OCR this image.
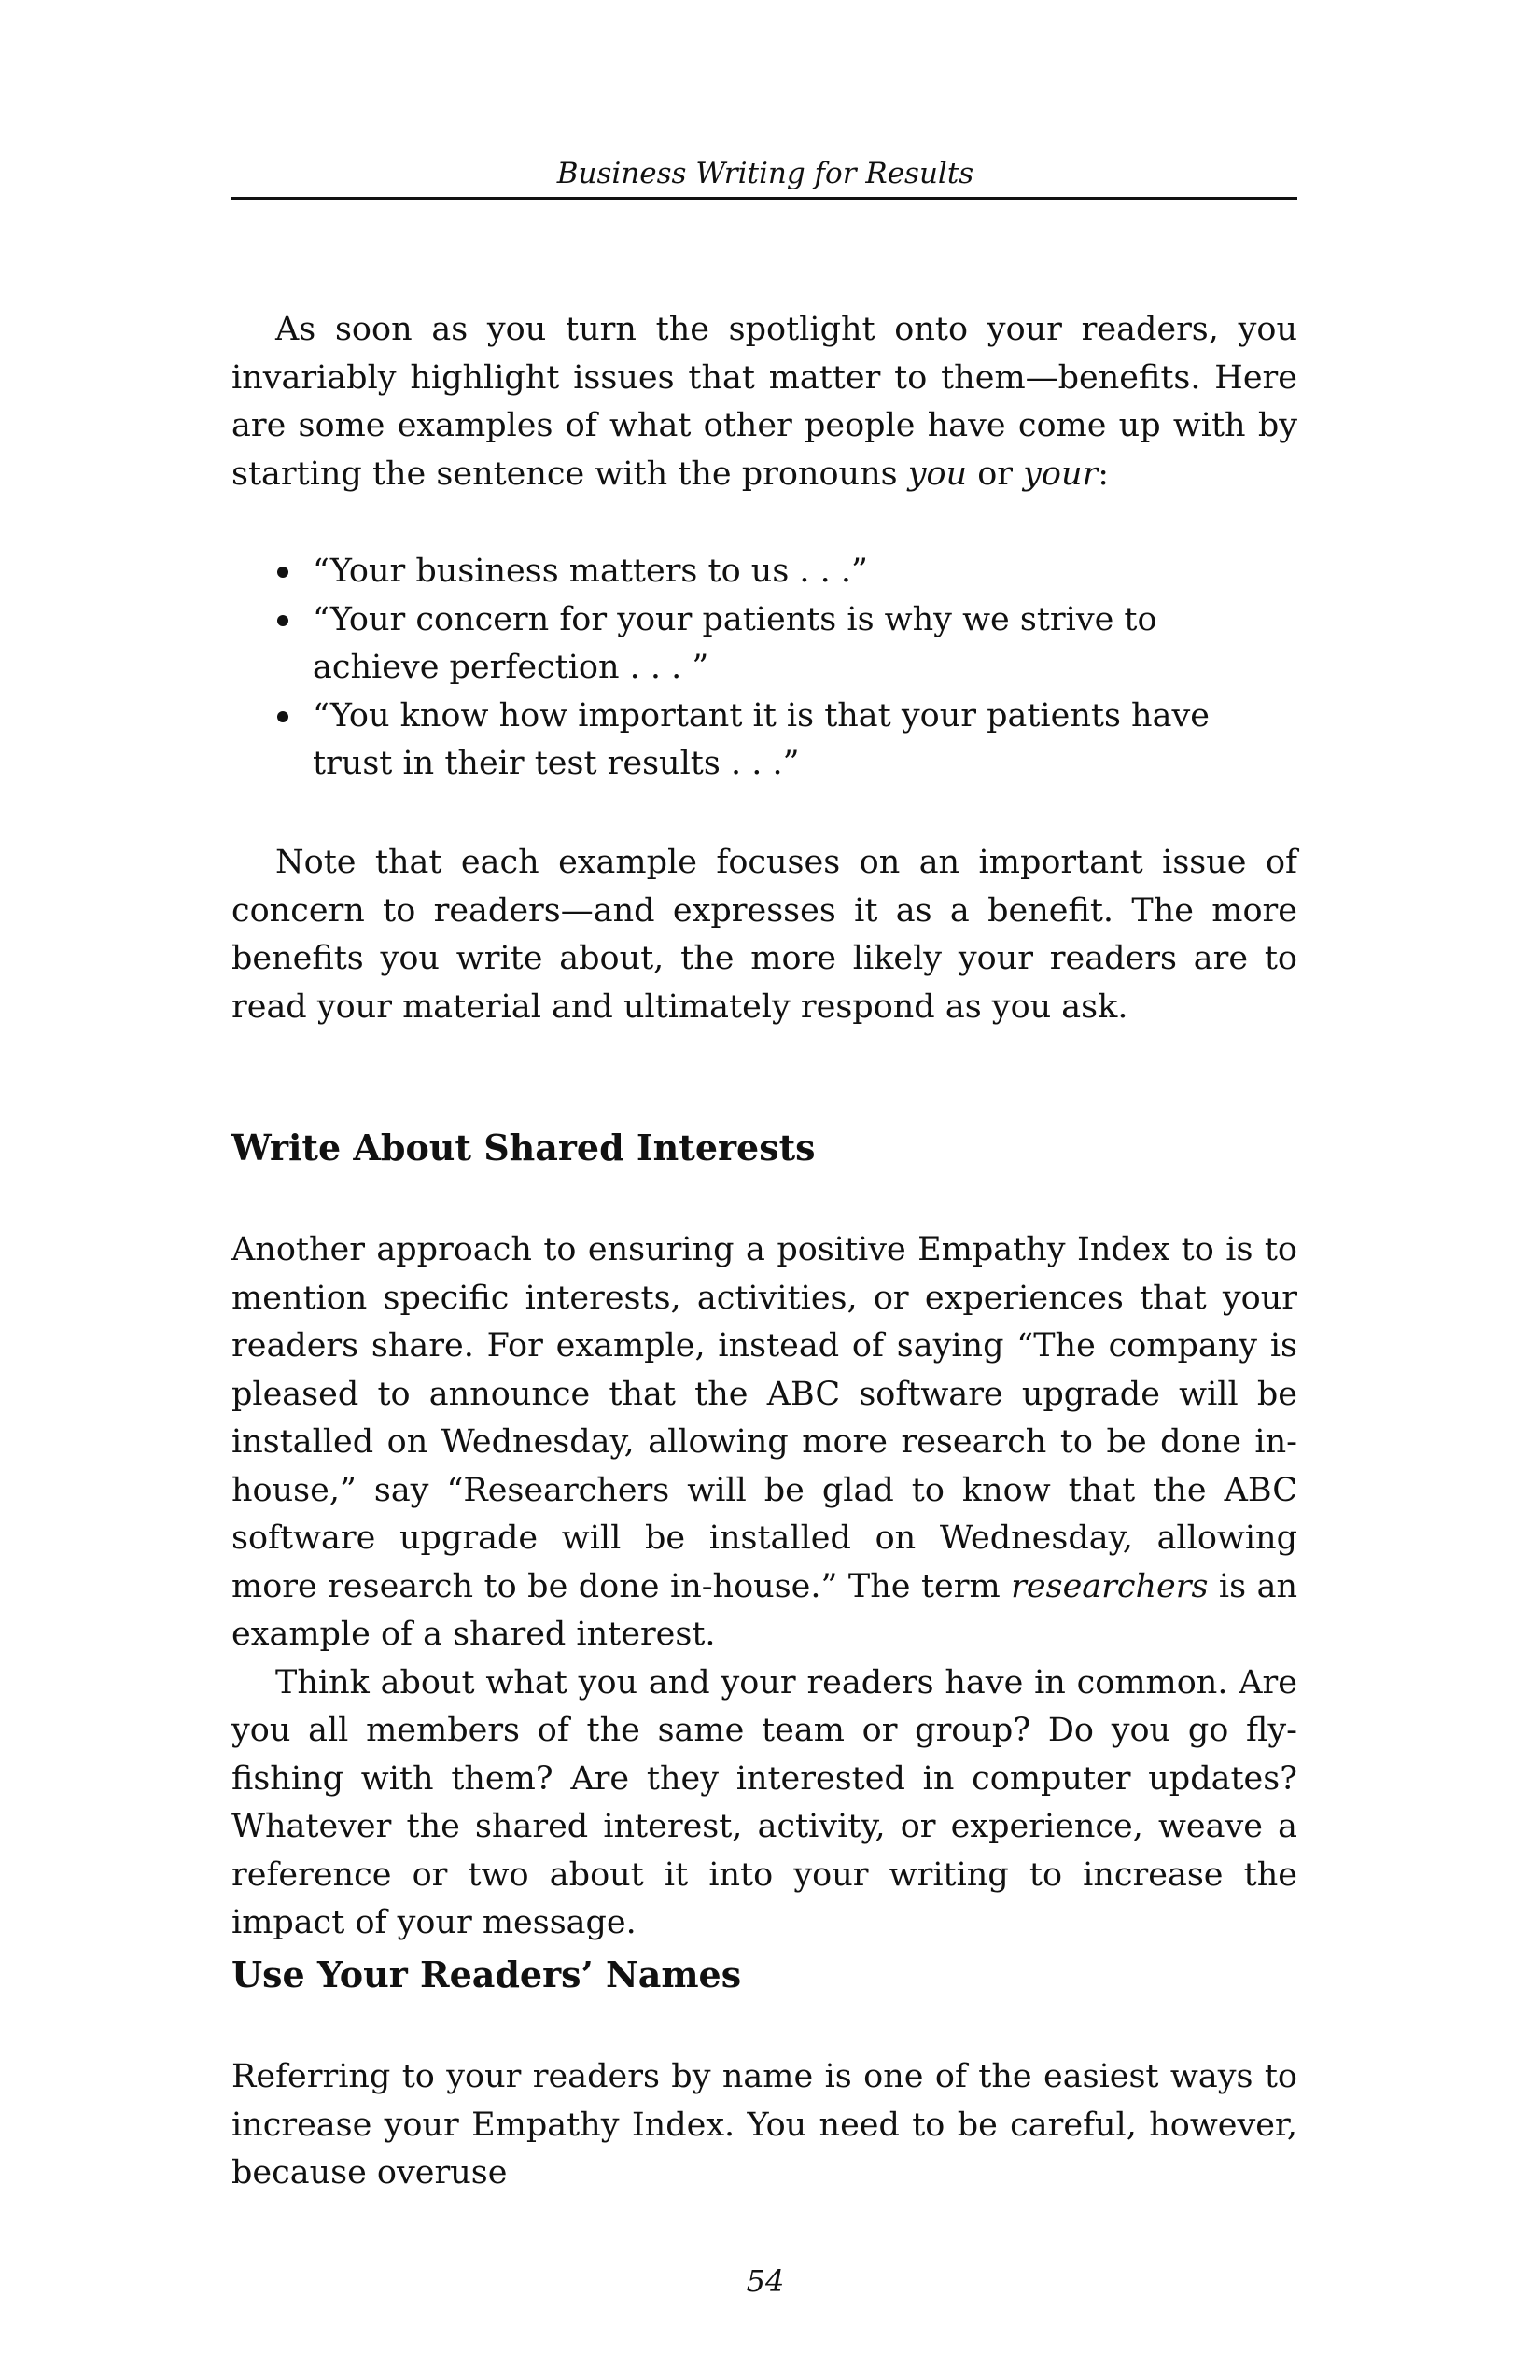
Business Writing for Results

As soon as you turn the spotlight onto your readers, you invariably highlight issues that matter to them—benefits. Here are some examples of what other people have come up with by starting the sentence with the pronouns you or your:

“Your business matters to us . . .”
“Your concern for your patients is why we strive to achieve perfection . . . ”
“You know how important it is that your patients have trust in their test results . . .”

Note that each example focuses on an important issue of concern to readers—and expresses it as a benefit. The more benefits you write about, the more likely your readers are to read your material and ultimately respond as you ask.

Write About Shared Interests

Another approach to ensuring a positive Empathy Index to is to mention specific interests, activities, or experiences that your readers share. For example, instead of saying “The company is pleased to announce that the ABC software upgrade will be installed on Wednesday, allowing more research to be done in-house,” say “Researchers will be glad to know that the ABC software upgrade will be installed on Wednesday, allowing more research to be done in-house.” The term researchers is an example of a shared interest.

Think about what you and your readers have in common. Are you all members of the same team or group? Do you go fly-fishing with them? Are they interested in computer updates? Whatever the shared interest, activity, or experience, weave a reference or two about it into your writing to increase the impact of your message.

Use Your Readers’ Names

Referring to your readers by name is one of the easiest ways to increase your Empathy Index. You need to be careful, however, because overuse

54
